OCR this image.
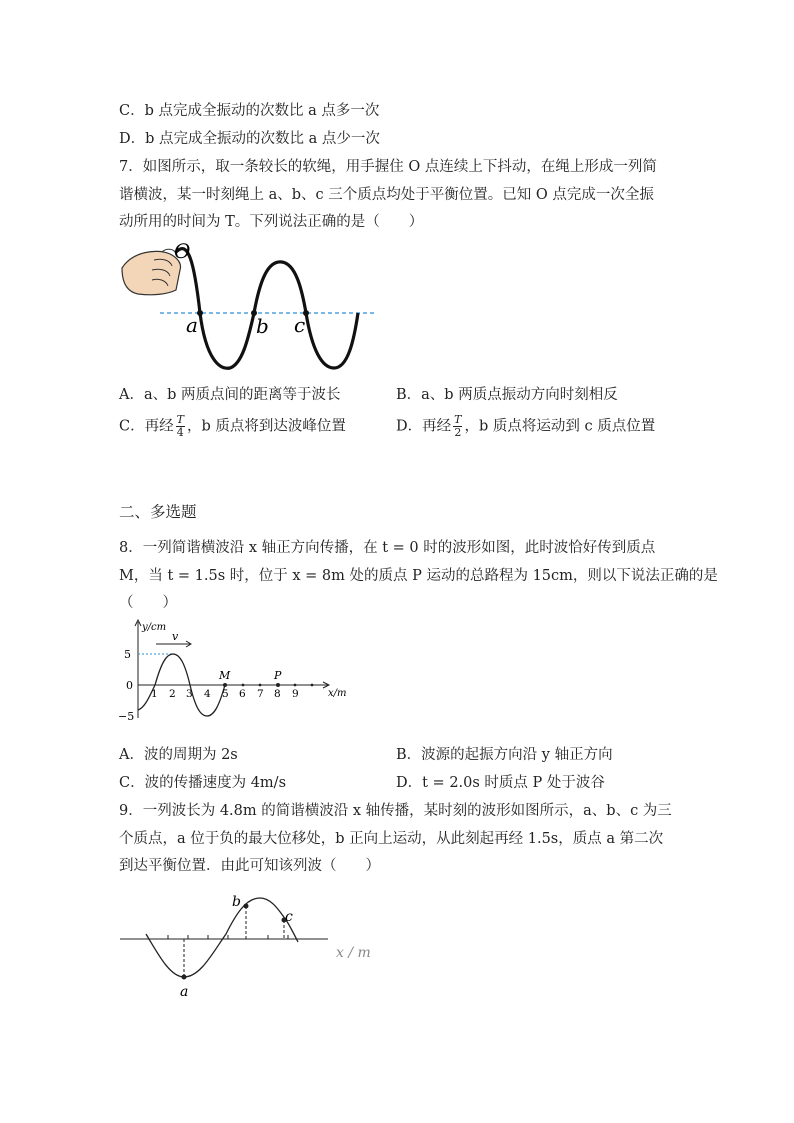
C．b 点完成全振动的次数比 a 点多一次
D．b 点完成全振动的次数比 a 点少一次
7．如图所示，取一条较长的软绳，用手握住 O 点连续上下抖动，在绳上形成一列简
谐横波，某一时刻绳上 a、b、c 三个质点均处于平衡位置。已知 O 点完成一次全振
动所用的时间为 T。下列说法正确的是（　　）
O
a	b c
A．a、b 两质点间的距离等于波长	B．a、b 两质点振动方向时刻相反
C．再经 $\frac{T}{4}$ ，b 质点将到达波峰位置	D．再经 $\frac{T}{2}$ ，b 质点将运动到 c 质点位置
二、多选题
8．一列简谐横波沿 x 轴正方向传播，在 t = 0 时的波形如图，此时波恰好传到质点
M，当 t = 1.5s 时，位于 x = 8m 处的质点 P 运动的总路程为 15cm，则以下说法正确的是
（　　）
y/cm
x/m
v
5
0
−5
1 2 3 4 5 6 7 8 9
M	P
A．波的周期为 2s	B．波源的起振方向沿 y 轴正方向
C．波的传播速度为 4m/s	D．t = 2.0s 时质点 P 处于波谷
9．一列波长为 4.8m 的简谐横波沿 x 轴传播，某时刻的波形如图所示，a、b、c 为三
个质点，a 位于负的最大位移处，b 正向上运动，从此刻起再经 1.5s，质点 a 第二次
到达平衡位置．由此可知该列波（　　）
x / m
a
b
c
